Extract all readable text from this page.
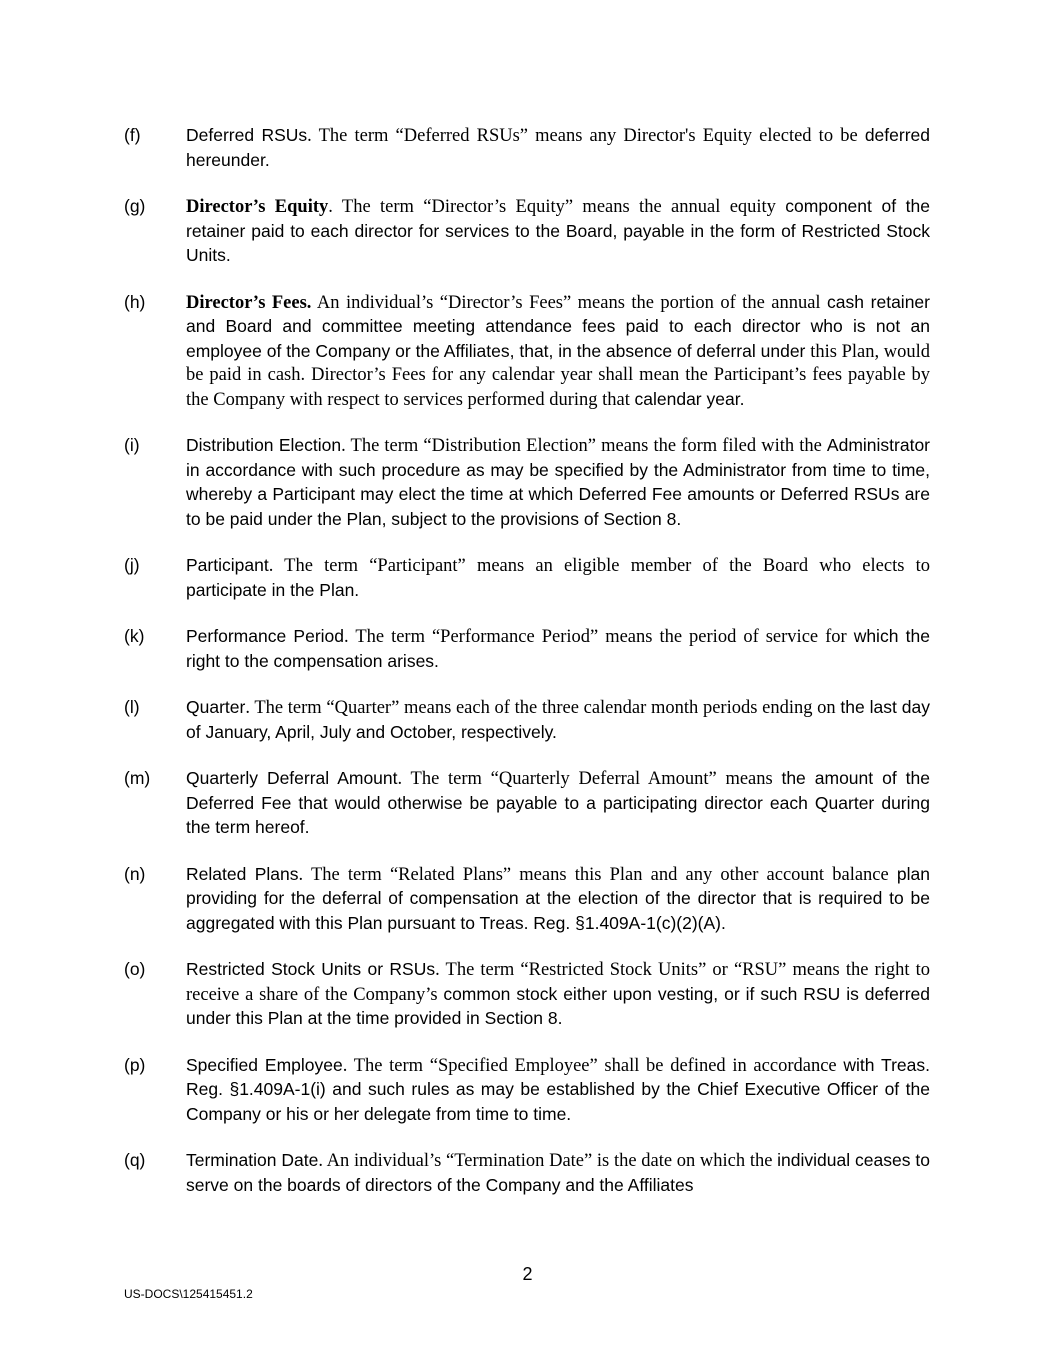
(f)	Deferred RSUs. The term “Deferred RSUs” means any Director's Equity elected to be deferred hereunder.
(g)	Director’s Equity. The term “Director’s Equity” means the annual equity component of the retainer paid to each director for services to the Board, payable in the form of Restricted Stock Units.
(h)	Director’s Fees. An individual’s “Director’s Fees” means the portion of the annual cash retainer and Board and committee meeting attendance fees paid to each director who is not an employee of the Company or the Affiliates, that, in the absence of deferral under this Plan, would be paid in cash. Director’s Fees for any calendar year shall mean the Participant’s fees payable by the Company with respect to services performed during that calendar year.
(i)	Distribution Election. The term “Distribution Election” means the form filed with the Administrator in accordance with such procedure as may be specified by the Administrator from time to time, whereby a Participant may elect the time at which Deferred Fee amounts or Deferred RSUs are to be paid under the Plan, subject to the provisions of Section 8.
(j)	Participant. The term “Participant” means an eligible member of the Board who elects to participate in the Plan.
(k)	Performance Period. The term “Performance Period” means the period of service for which the right to the compensation arises.
(l)	Quarter. The term “Quarter” means each of the three calendar month periods ending on the last day of January, April, July and October, respectively.
(m)	Quarterly Deferral Amount. The term “Quarterly Deferral Amount” means the amount of the Deferred Fee that would otherwise be payable to a participating director each Quarter during the term hereof.
(n)	Related Plans. The term “Related Plans” means this Plan and any other account balance plan providing for the deferral of compensation at the election of the director that is required to be aggregated with this Plan pursuant to Treas. Reg. §1.409A-1(c)(2)(A).
(o)	Restricted Stock Units or RSUs. The term “Restricted Stock Units” or “RSU” means the right to receive a share of the Company’s common stock either upon vesting, or if such RSU is deferred under this Plan at the time provided in Section 8.
(p)	Specified Employee. The term “Specified Employee” shall be defined in accordance with Treas. Reg. §1.409A-1(i) and such rules as may be established by the Chief Executive Officer of the Company or his or her delegate from time to time.
(q)	Termination Date. An individual’s “Termination Date” is the date on which the individual ceases to serve on the boards of directors of the Company and the Affiliates
2
US-DOCS\125415451.2
